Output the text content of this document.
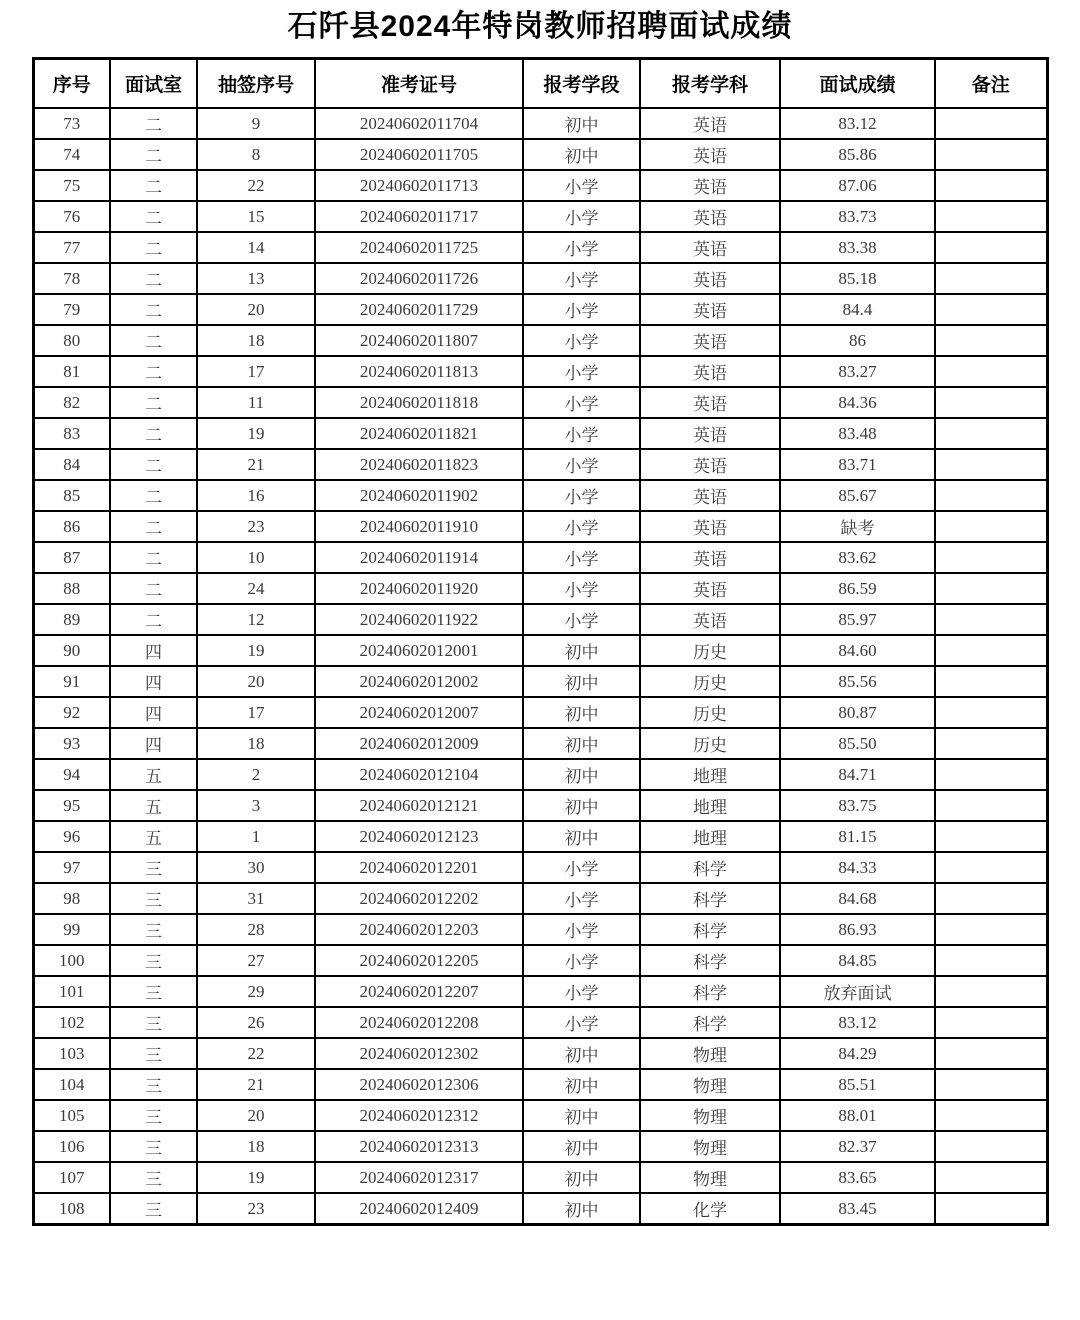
石阡县2024年特岗教师招聘面试成绩
序号	面试室	抽签序号	准考证号	报考学段	报考学科	面试成绩	备注
73	二	9	20240602011704	初中	英语	83.12	
74	二	8	20240602011705	初中	英语	85.86	
75	二	22	20240602011713	小学	英语	87.06	
76	二	15	20240602011717	小学	英语	83.73	
77	二	14	20240602011725	小学	英语	83.38	
78	二	13	20240602011726	小学	英语	85.18	
79	二	20	20240602011729	小学	英语	84.4	
80	二	18	20240602011807	小学	英语	86	
81	二	17	20240602011813	小学	英语	83.27	
82	二	11	20240602011818	小学	英语	84.36	
83	二	19	20240602011821	小学	英语	83.48	
84	二	21	20240602011823	小学	英语	83.71	
85	二	16	20240602011902	小学	英语	85.67	
86	二	23	20240602011910	小学	英语	缺考	
87	二	10	20240602011914	小学	英语	83.62	
88	二	24	20240602011920	小学	英语	86.59	
89	二	12	20240602011922	小学	英语	85.97	
90	四	19	20240602012001	初中	历史	84.60	
91	四	20	20240602012002	初中	历史	85.56	
92	四	17	20240602012007	初中	历史	80.87	
93	四	18	20240602012009	初中	历史	85.50	
94	五	2	20240602012104	初中	地理	84.71	
95	五	3	20240602012121	初中	地理	83.75	
96	五	1	20240602012123	初中	地理	81.15	
97	三	30	20240602012201	小学	科学	84.33	
98	三	31	20240602012202	小学	科学	84.68	
99	三	28	20240602012203	小学	科学	86.93	
100	三	27	20240602012205	小学	科学	84.85	
101	三	29	20240602012207	小学	科学	放弃面试	
102	三	26	20240602012208	小学	科学	83.12	
103	三	22	20240602012302	初中	物理	84.29	
104	三	21	20240602012306	初中	物理	85.51	
105	三	20	20240602012312	初中	物理	88.01	
106	三	18	20240602012313	初中	物理	82.37	
107	三	19	20240602012317	初中	物理	83.65	
108	三	23	20240602012409	初中	化学	83.45	
